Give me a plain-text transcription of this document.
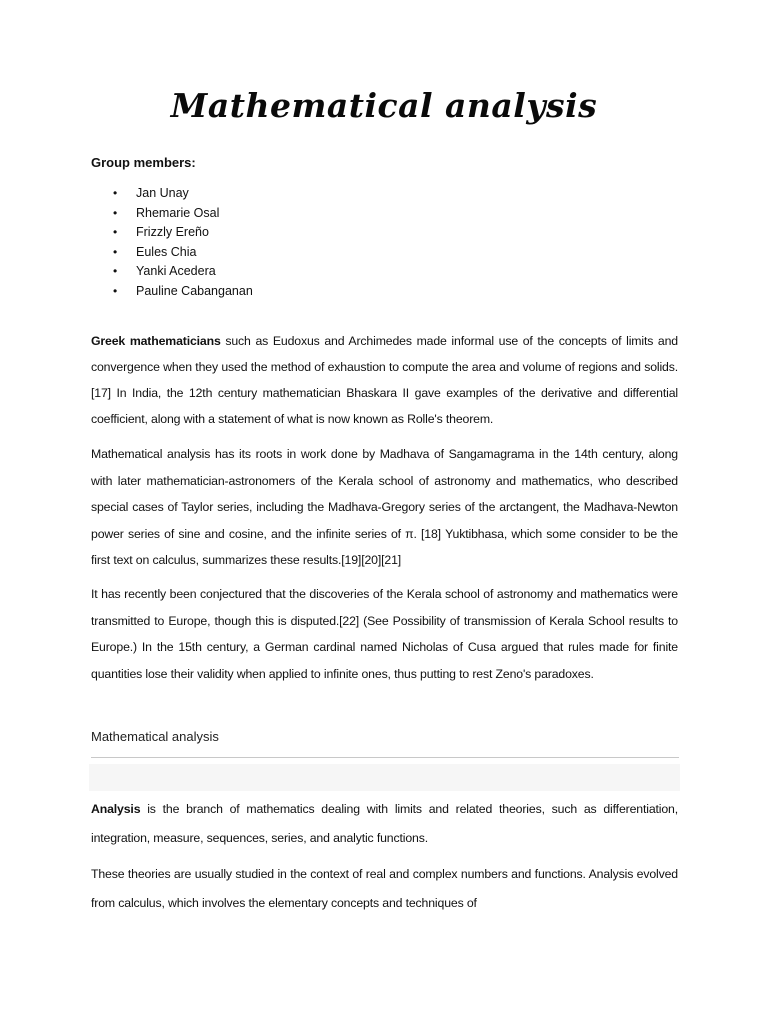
Mathematical analysis
Group members:
• Jan Unay
• Rhemarie Osal
• Frizzly Ereño
• Eules Chia
• Yanki Acedera
• Pauline Cabanganan

Greek mathematicians such as Eudoxus and Archimedes made informal use of the concepts of limits and convergence when they used the method of exhaustion to compute the area and volume of regions and solids.[17] In India, the 12th century mathematician Bhaskara II gave examples of the derivative and differential coefficient, along with a statement of what is now known as Rolle's theorem.

Mathematical analysis has its roots in work done by Madhava of Sangamagrama in the 14th century, along with later mathematician-astronomers of the Kerala school of astronomy and mathematics, who described special cases of Taylor series, including the Madhava-Gregory series of the arctangent, the Madhava-Newton power series of sine and cosine, and the infinite series of π. [18] Yuktibhasa, which some consider to be the first text on calculus, summarizes these results.[19][20][21]

It has recently been conjectured that the discoveries of the Kerala school of astronomy and mathematics were transmitted to Europe, though this is disputed.[22] (See Possibility of transmission of Kerala School results to Europe.) In the 15th century, a German cardinal named Nicholas of Cusa argued that rules made for finite quantities lose their validity when applied to infinite ones, thus putting to rest Zeno's paradoxes.

Mathematical analysis

Analysis is the branch of mathematics dealing with limits and related theories, such as differentiation, integration, measure, sequences, series, and analytic functions.

These theories are usually studied in the context of real and complex numbers and functions. Analysis evolved from calculus, which involves the elementary concepts and techniques of
